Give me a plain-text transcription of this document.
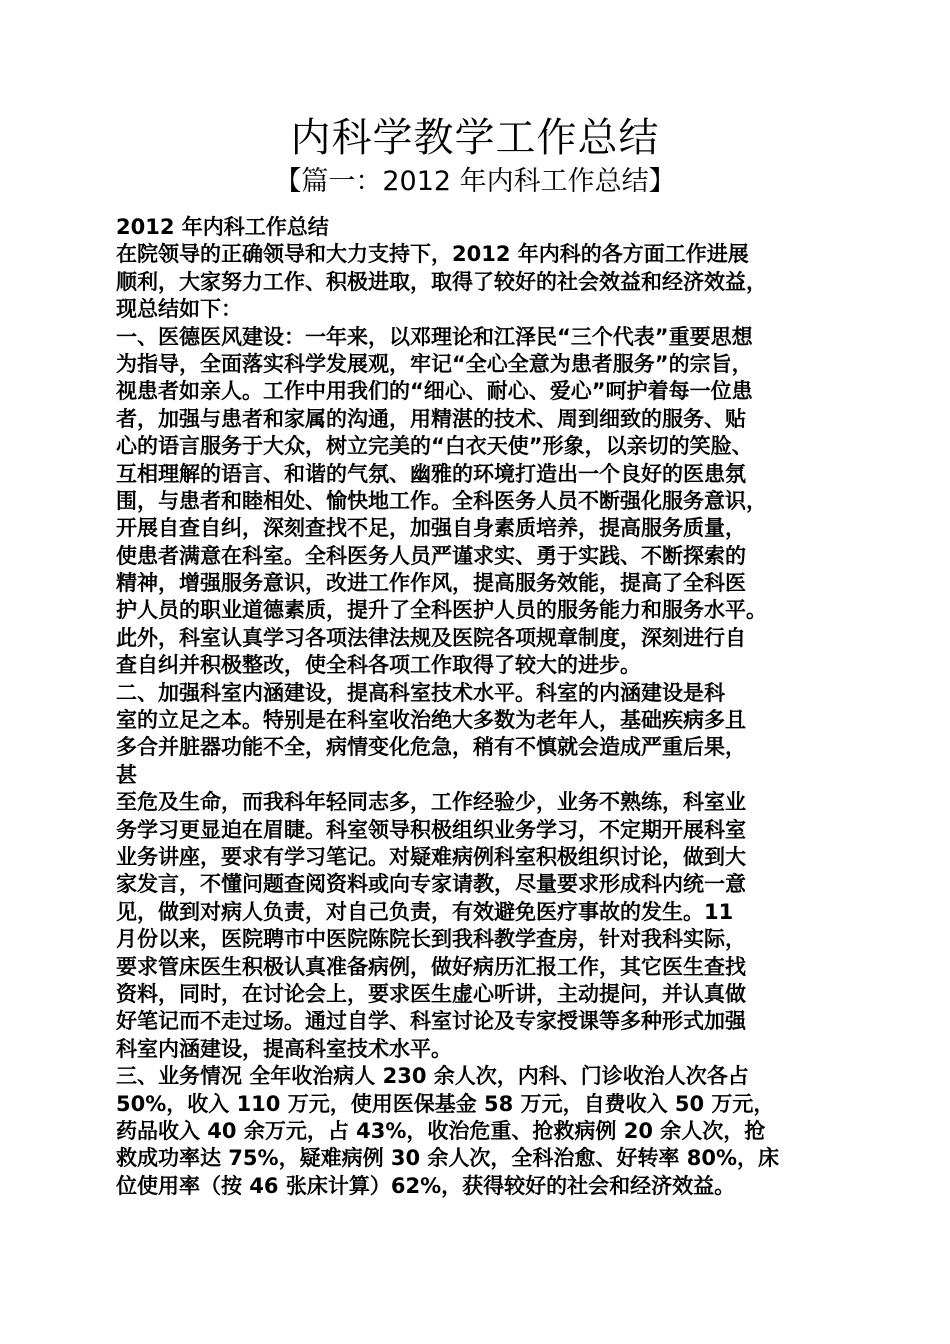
内科学教学工作总结
【篇一：2012 年内科工作总结】
2012 年内科工作总结
在院领导的正确领导和大力支持下，2012 年内科的各方面工作进展
顺利，大家努力工作、积极进取，取得了较好的社会效益和经济效益，
现总结如下：
一、医德医风建设：一年来，以邓理论和江泽民“三个代表”重要思想
为指导，全面落实科学发展观，牢记“全心全意为患者服务”的宗旨，
视患者如亲人。工作中用我们的“细心、耐心、爱心”呵护着每一位患
者，加强与患者和家属的沟通，用精湛的技术、周到细致的服务、贴
心的语言服务于大众，树立完美的“白衣天使”形象，以亲切的笑脸、
互相理解的语言、和谐的气氛、幽雅的环境打造出一个良好的医患氛
围，与患者和睦相处、愉快地工作。全科医务人员不断强化服务意识，
开展自查自纠，深刻查找不足，加强自身素质培养，提高服务质量，
使患者满意在科室。全科医务人员严谨求实、勇于实践、不断探索的
精神，增强服务意识，改进工作作风，提高服务效能，提高了全科医
护人员的职业道德素质，提升了全科医护人员的服务能力和服务水平。
此外，科室认真学习各项法律法规及医院各项规章制度，深刻进行自
查自纠并积极整改，使全科各项工作取得了较大的进步。
二、加强科室内涵建设，提高科室技术水平。科室的内涵建设是科
室的立足之本。特别是在科室收治绝大多数为老年人，基础疾病多且
多合并脏器功能不全，病情变化危急，稍有不慎就会造成严重后果，
甚
至危及生命，而我科年轻同志多，工作经验少，业务不熟练，科室业
务学习更显迫在眉睫。科室领导积极组织业务学习，不定期开展科室
业务讲座，要求有学习笔记。对疑难病例科室积极组织讨论，做到大
家发言，不懂问题查阅资料或向专家请教，尽量要求形成科内统一意
见，做到对病人负责，对自己负责，有效避免医疗事故的发生。11
月份以来，医院聘市中医院陈院长到我科教学查房，针对我科实际，
要求管床医生积极认真准备病例，做好病历汇报工作，其它医生查找
资料，同时，在讨论会上，要求医生虚心听讲，主动提问，并认真做
好笔记而不走过场。通过自学、科室讨论及专家授课等多种形式加强
科室内涵建设，提高科室技术水平。
三、业务情况 全年收治病人 230 余人次，内科、门诊收治人次各占
50%，收入 110 万元，使用医保基金 58 万元，自费收入 50 万元，
药品收入 40 余万元，占 43%，收治危重、抢救病例 20 余人次，抢
救成功率达 75%，疑难病例 30 余人次，全科治愈、好转率 80%，床
位使用率（按 46 张床计算）62%，获得较好的社会和经济效益。
